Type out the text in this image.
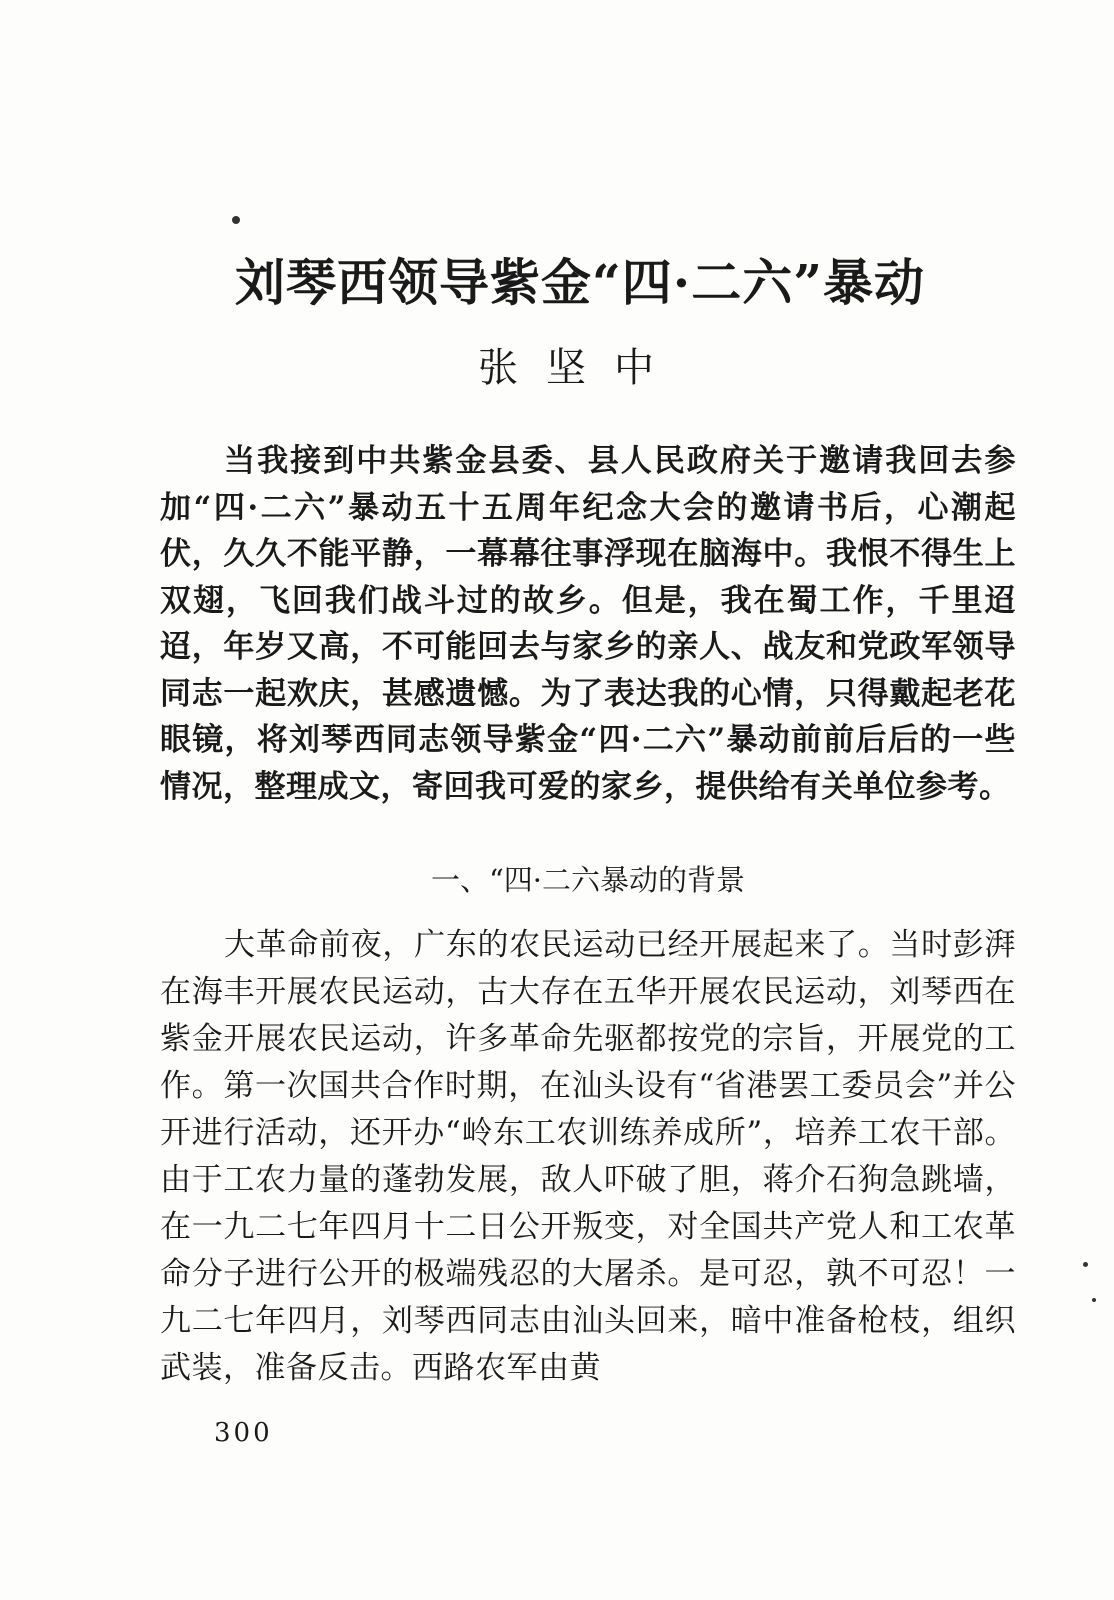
刘琴西领导紫金“四·二六”暴动
张坚中

当我接到中共紫金县委、县人民政府关于邀请我回去参加“四·二六”暴动五十五周年纪念大会的邀请书后，心潮起伏，久久不能平静，一幕幕往事浮现在脑海中。我恨不得生上双翅，飞回我们战斗过的故乡。但是，我在蜀工作，千里迢迢，年岁又高，不可能回去与家乡的亲人、战友和党政军领导同志一起欢庆，甚感遗憾。为了表达我的心情，只得戴起老花眼镜，将刘琴西同志领导紫金“四·二六”暴动前前后后的一些情况，整理成文，寄回我可爱的家乡，提供给有关单位参考。

一、“四·二六暴动的背景

大革命前夜，广东的农民运动已经开展起来了。当时彭湃在海丰开展农民运动，古大存在五华开展农民运动，刘琴西在紫金开展农民运动，许多革命先驱都按党的宗旨，开展党的工作。第一次国共合作时期，在汕头设有“省港罢工委员会”并公开进行活动，还开办“岭东工农训练养成所”，培养工农干部。由于工农力量的蓬勃发展，敌人吓破了胆，蒋介石狗急跳墙，在一九二七年四月十二日公开叛变，对全国共产党人和工农革命分子进行公开的极端残忍的大屠杀。是可忍，孰不可忍！一九二七年四月，刘琴西同志由汕头回来，暗中准备枪枝，组织武装，准备反击。西路农军由黄

300
